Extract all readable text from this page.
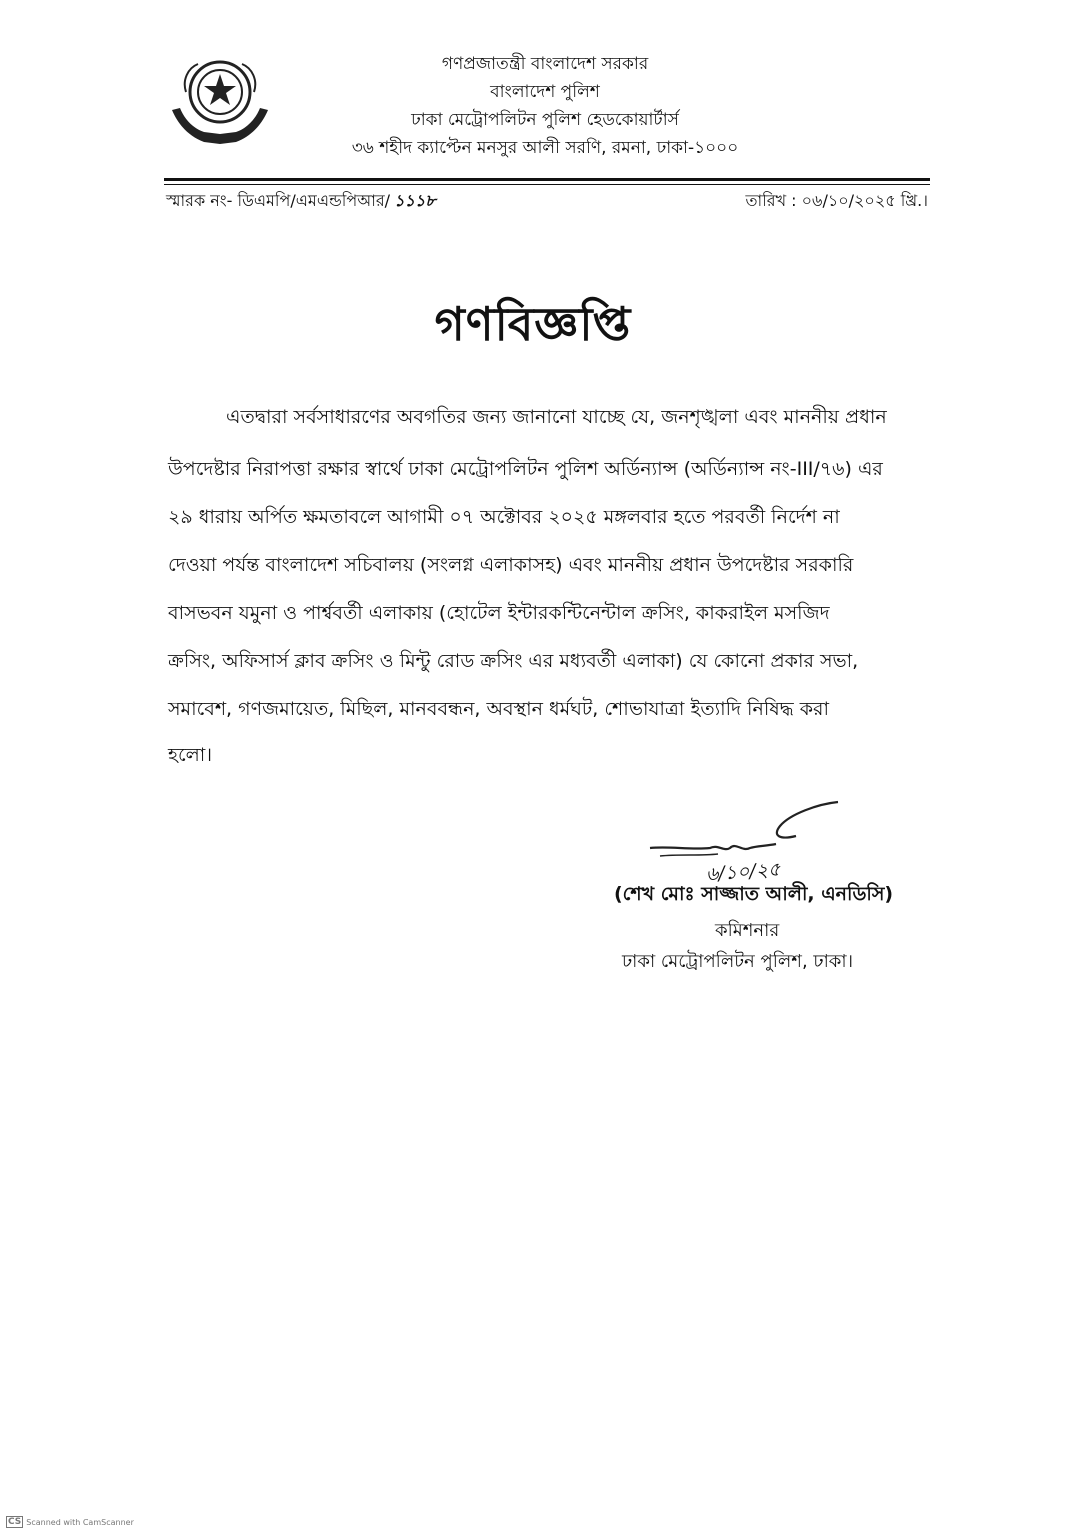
গণপ্রজাতন্ত্রী বাংলাদেশ সরকার
বাংলাদেশ পুলিশ
ঢাকা মেট্রোপলিটন পুলিশ হেডকোয়ার্টার্স
৩৬ শহীদ ক্যাপ্টেন মনসুর আলী সরণি, রমনা, ঢাকা-১০০০
স্মারক নং- ডিএমপি/এমএন্ডপিআর/ ১১১৮	তারিখ : ০৬/১০/২০২৫ খ্রি.।
গণবিজ্ঞপ্তি
এতদ্বারা সর্বসাধারণের অবগতির জন্য জানানো যাচ্ছে যে, জনশৃঙ্খলা এবং মাননীয় প্রধান
উপদেষ্টার নিরাপত্তা রক্ষার স্বার্থে ঢাকা মেট্রোপলিটন পুলিশ অর্ডিন্যান্স (অর্ডিন্যান্স নং-III/৭৬) এর
২৯ ধারায় অর্পিত ক্ষমতাবলে আগামী ০৭ অক্টোবর ২০২৫ মঙ্গলবার হতে পরবর্তী নির্দেশ না
দেওয়া পর্যন্ত বাংলাদেশ সচিবালয় (সংলগ্ন এলাকাসহ) এবং মাননীয় প্রধান উপদেষ্টার সরকারি
বাসভবন যমুনা ও পার্শ্ববর্তী এলাকায় (হোটেল ইন্টারকন্টিনেন্টাল ক্রসিং, কাকরাইল মসজিদ
ক্রসিং, অফিসার্স ক্লাব ক্রসিং ও মিন্টু রোড ক্রসিং এর মধ্যবর্তী এলাকা) যে কোনো প্রকার সভা,
সমাবেশ, গণজমায়েত, মিছিল, মানববন্ধন, অবস্থান ধর্মঘট, শোভাযাত্রা ইত্যাদি নিষিদ্ধ করা
হলো।
৬/১০/২৫
(শেখ মোঃ সাজ্জাত আলী, এনডিসি)
কমিশনার
ঢাকা মেট্রোপলিটন পুলিশ, ঢাকা।
CS Scanned with CamScanner
